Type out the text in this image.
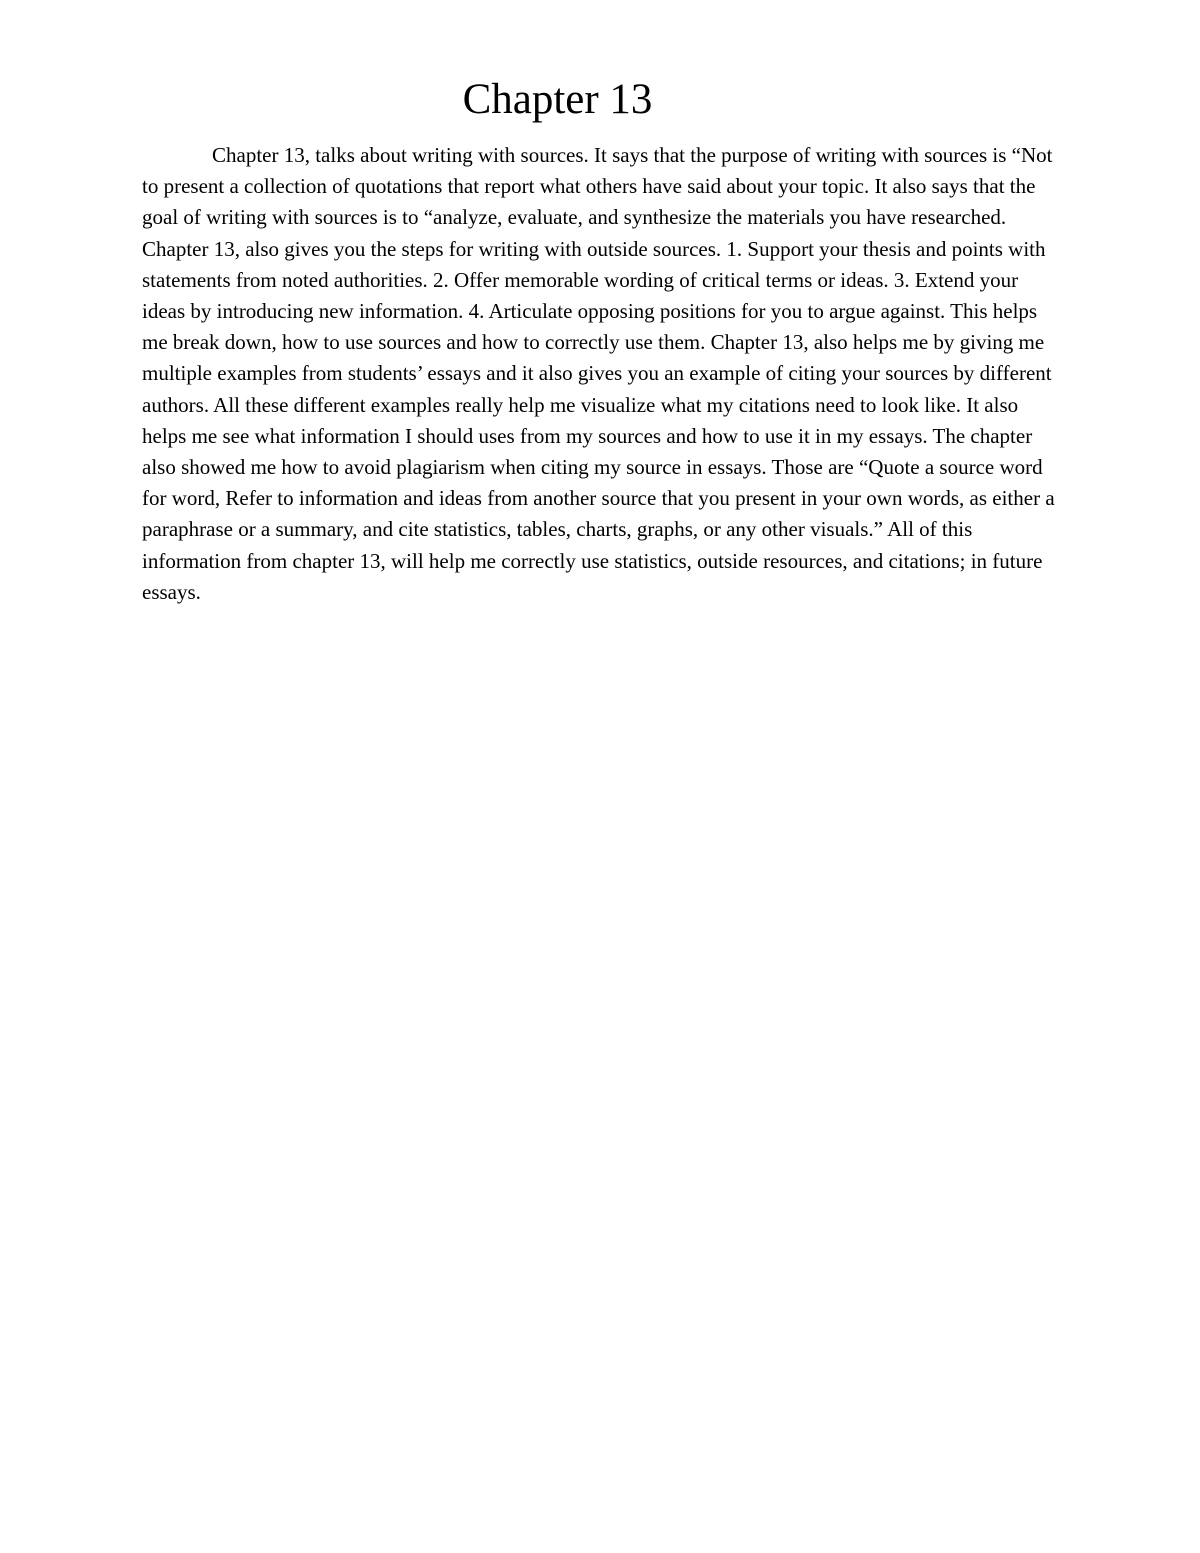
Chapter 13

Chapter 13, talks about writing with sources. It says that the purpose of writing with sources is “Not to present a collection of quotations that report what others have said about your topic. It also says that the goal of writing with sources is to “analyze, evaluate, and synthesize the materials you have researched. Chapter 13, also gives you the steps for writing with outside sources. 1. Support your thesis and points with statements from noted authorities. 2. Offer memorable wording of critical terms or ideas. 3. Extend your ideas by introducing new information. 4. Articulate opposing positions for you to argue against. This helps me break down, how to use sources and how to correctly use them. Chapter 13, also helps me by giving me multiple examples from students’ essays and it also gives you an example of citing your sources by different authors. All these different examples really help me visualize what my citations need to look like. It also helps me see what information I should uses from my sources and how to use it in my essays. The chapter also showed me how to avoid plagiarism when citing my source in essays. Those are “Quote a source word for word, Refer to information and ideas from another source that you present in your own words, as either a paraphrase or a summary, and cite statistics, tables, charts, graphs, or any other visuals.” All of this information from chapter 13, will help me correctly use statistics, outside resources, and citations; in future essays.
